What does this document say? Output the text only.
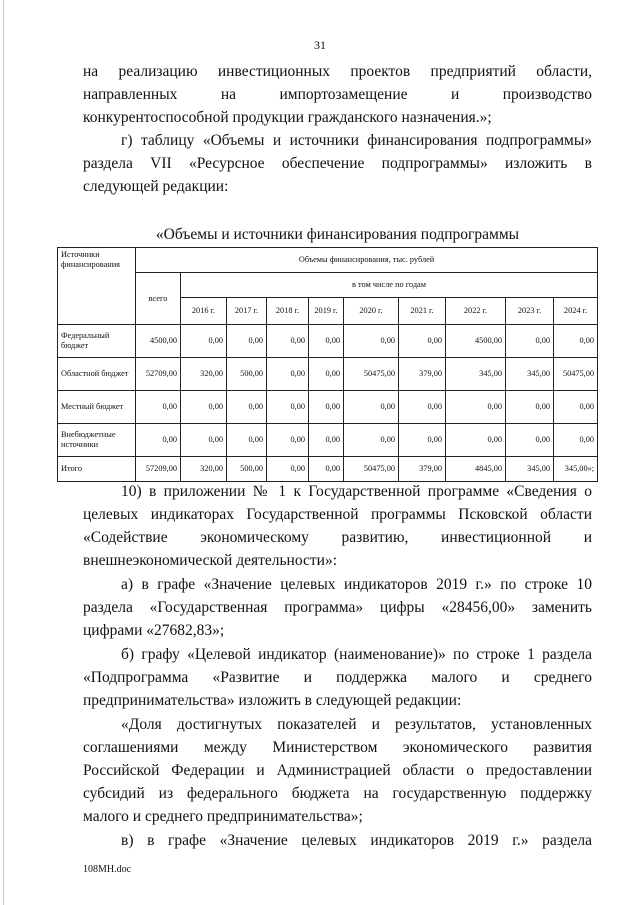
31
на реализацию инвестиционных проектов предприятий области,
направленных на импортозамещение и производство
конкурентоспособной продукции гражданского назначения.»;
г) таблицу «Объемы и источники финансирования подпрограммы»
раздела VII «Ресурсное обеспечение подпрограммы» изложить в
следующей редакции:
«Объемы и источники финансирования подпрограммы
Источники финансирования	Объемы финансирования, тыс. рублей									
	всего	в том числе по годам								
		2016 г.	2017 г.	2018 г.	2019 г.	2020 г.	2021 г.	2022 г.	2023 г.	2024 г.
Федеральный бюджет	4500,00	0,00	0,00	0,00	0,00	0,00	0,00	4500,00	0,00	0,00
Областной бюджет	52709,00	320,00	500,00	0,00	0,00	50475,00	379,00	345,00	345,00	50475,00
Местный бюджет	0,00	0,00	0,00	0,00	0,00	0,00	0,00	0,00	0,00	0,00
Внебюджетные источники	0,00	0,00	0,00	0,00	0,00	0,00	0,00	0,00	0,00	0,00
Итого	57209,00	320,00	500,00	0,00	0,00	50475,00	379,00	4845,00	345,00	345,00»;
10) в приложении № 1 к Государственной программе «Сведения о
целевых индикаторах Государственной программы Псковской области
«Содействие экономическому развитию, инвестиционной и
внешнеэкономической деятельности»:
а) в графе «Значение целевых индикаторов 2019 г.» по строке 10
раздела «Государственная программа» цифры «28456,00» заменить
цифрами «27682,83»;
б) графу «Целевой индикатор (наименование)» по строке 1 раздела
«Подпрограмма «Развитие и поддержка малого и среднего
предпринимательства» изложить в следующей редакции:
«Доля достигнутых показателей и результатов, установленных
соглашениями между Министерством экономического развития
Российской Федерации и Администрацией области о предоставлении
субсидий из федерального бюджета на государственную поддержку
малого и среднего предпринимательства»;
в) в графе «Значение целевых индикаторов 2019 г.» раздела
108МН.doc
